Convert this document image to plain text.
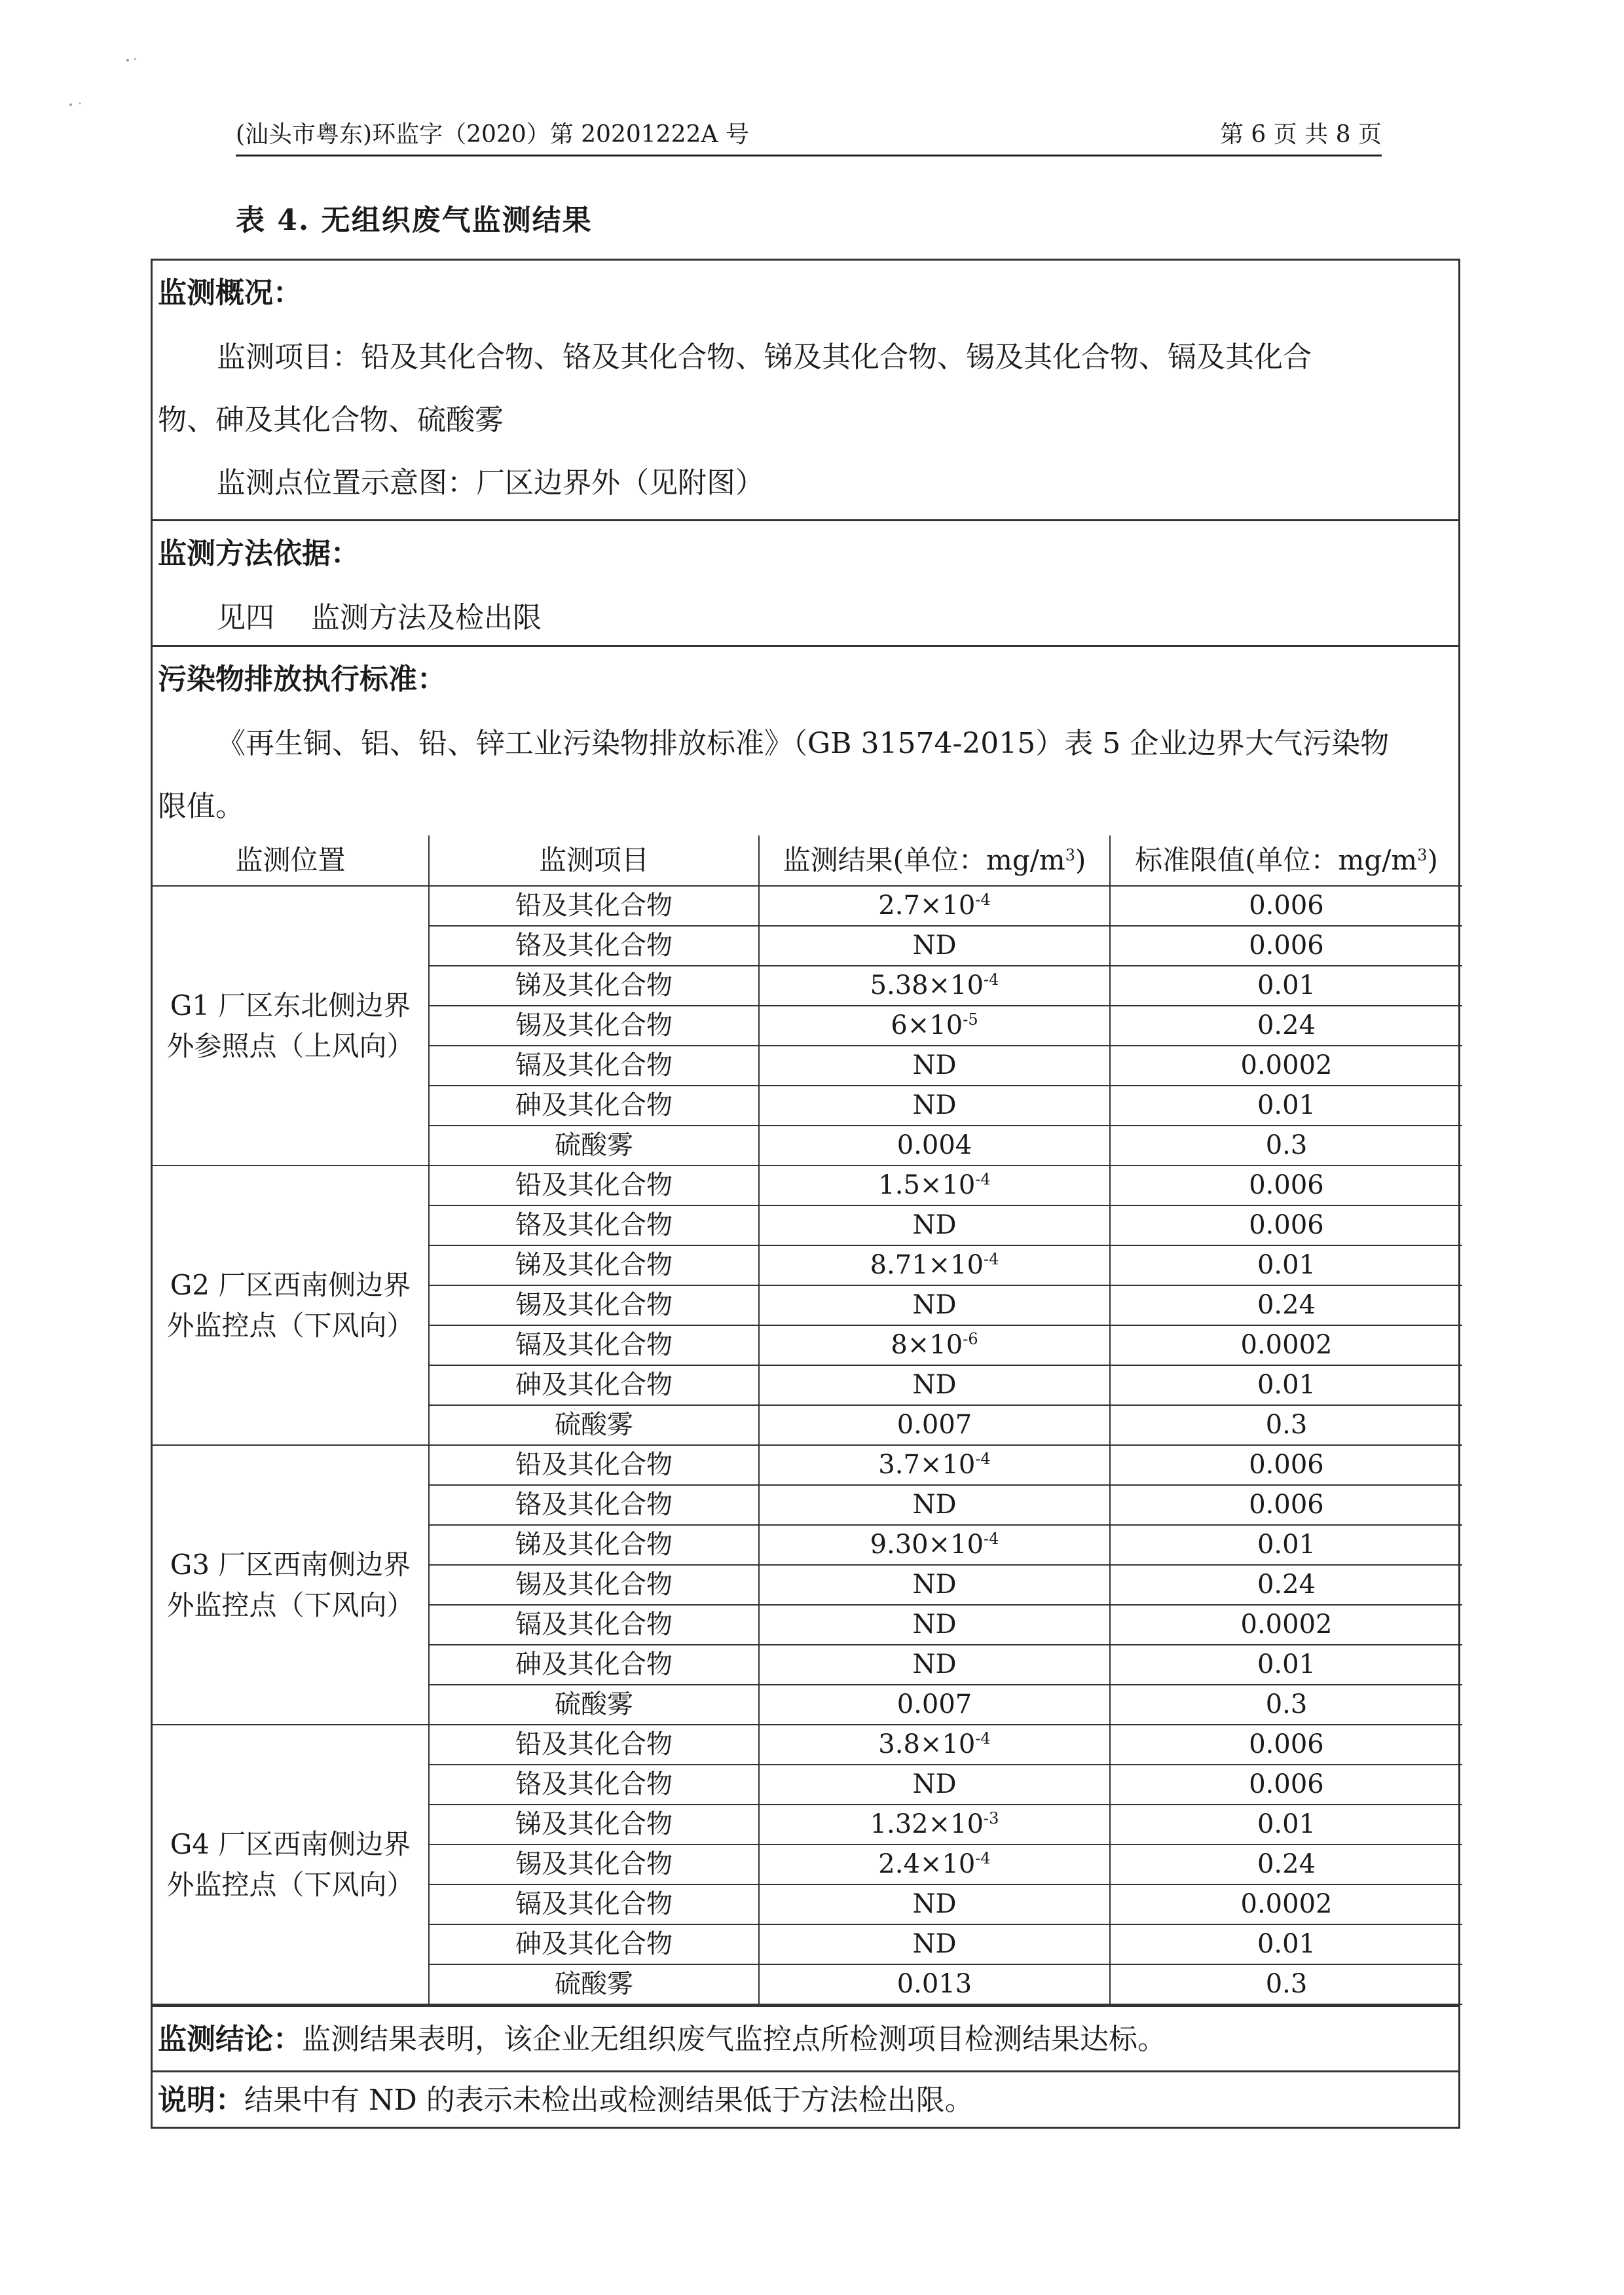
(汕头市粤东)环监字（2020）第 20201222A 号	第 6 页 共 8 页
表 4. 无组织废气监测结果
监测概况：
监测项目：铅及其化合物、铬及其化合物、锑及其化合物、锡及其化合物、镉及其化合
物、砷及其化合物、硫酸雾
监测点位置示意图：厂区边界外（见附图）
监测方法依据：
见四    监测方法及检出限
污染物排放执行标准：
《再生铜、铝、铅、锌工业污染物排放标准》（GB 31574-2015）表 5 企业边界大气污染物
限值。
监测位置	监测项目	监测结果(单位：$mg/m^3$)	标准限值(单位：$mg/m^3$)

G1 厂区东北侧边界
外参照点（上风向）	铅及其化合物	$2.7\times 10^{-4}$	0.006
	铬及其化合物	ND	0.006
	锑及其化合物	$5.38\times 10^{-4}$	0.01
	锡及其化合物	$6\times 10^{-5}$	0.24
	镉及其化合物	ND	0.0002
	砷及其化合物	ND	0.01
	硫酸雾	0.004	0.3

G2 厂区西南侧边界
外监控点（下风向）	铅及其化合物	$1.5\times 10^{-4}$	0.006
	铬及其化合物	ND	0.006
	锑及其化合物	$8.71\times 10^{-4}$	0.01
	锡及其化合物	ND	0.24
	镉及其化合物	$8\times 10^{-6}$	0.0002
	砷及其化合物	ND	0.01
	硫酸雾	0.007	0.3

G3 厂区西南侧边界
外监控点（下风向）	铅及其化合物	$3.7\times 10^{-4}$	0.006
	铬及其化合物	ND	0.006
	锑及其化合物	$9.30\times 10^{-4}$	0.01
	锡及其化合物	ND	0.24
	镉及其化合物	ND	0.0002
	砷及其化合物	ND	0.01
	硫酸雾	0.007	0.3

G4 厂区西南侧边界
外监控点（下风向）	铅及其化合物	$3.8\times 10^{-4}$	0.006
	铬及其化合物	ND	0.006
	锑及其化合物	$1.32\times 10^{-3}$	0.01
	锡及其化合物	$2.4\times 10^{-4}$	0.24
	镉及其化合物	ND	0.0002
	砷及其化合物	ND	0.01
	硫酸雾	0.013	0.3
监测结论：监测结果表明，该企业无组织废气监控点所检测项目检测结果达标。
说明：结果中有 ND 的表示未检出或检测结果低于方法检出限。
